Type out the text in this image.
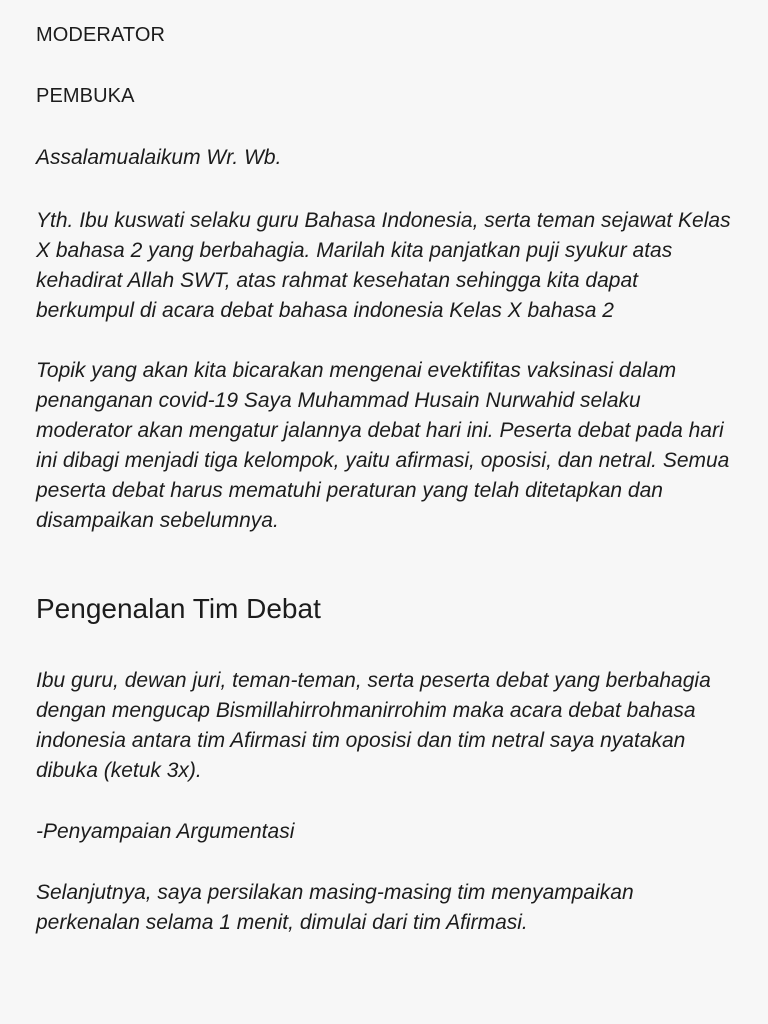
MODERATOR

PEMBUKA

Assalamualaikum Wr. Wb.

Yth. Ibu kuswati selaku guru Bahasa Indonesia, serta teman sejawat Kelas X bahasa 2 yang berbahagia. Marilah kita panjatkan puji syukur atas kehadirat Allah SWT, atas rahmat kesehatan sehingga kita dapat berkumpul di acara debat bahasa indonesia Kelas X bahasa 2

Topik yang akan kita bicarakan mengenai evektifitas vaksinasi dalam penanganan covid-19 Saya Muhammad Husain Nurwahid selaku moderator akan mengatur jalannya debat hari ini. Peserta debat pada hari ini dibagi menjadi tiga kelompok, yaitu afirmasi, oposisi, dan netral. Semua peserta debat harus mematuhi peraturan yang telah ditetapkan dan disampaikan sebelumnya.

Pengenalan Tim Debat

Ibu guru, dewan juri, teman-teman, serta peserta debat yang berbahagia dengan mengucap Bismillahirrohmanirrohim maka acara debat bahasa indonesia antara tim Afirmasi tim oposisi dan tim netral saya nyatakan dibuka (ketuk 3x).

-Penyampaian Argumentasi

Selanjutnya, saya persilakan masing-masing tim menyampaikan perkenalan selama 1 menit, dimulai dari tim Afirmasi.
